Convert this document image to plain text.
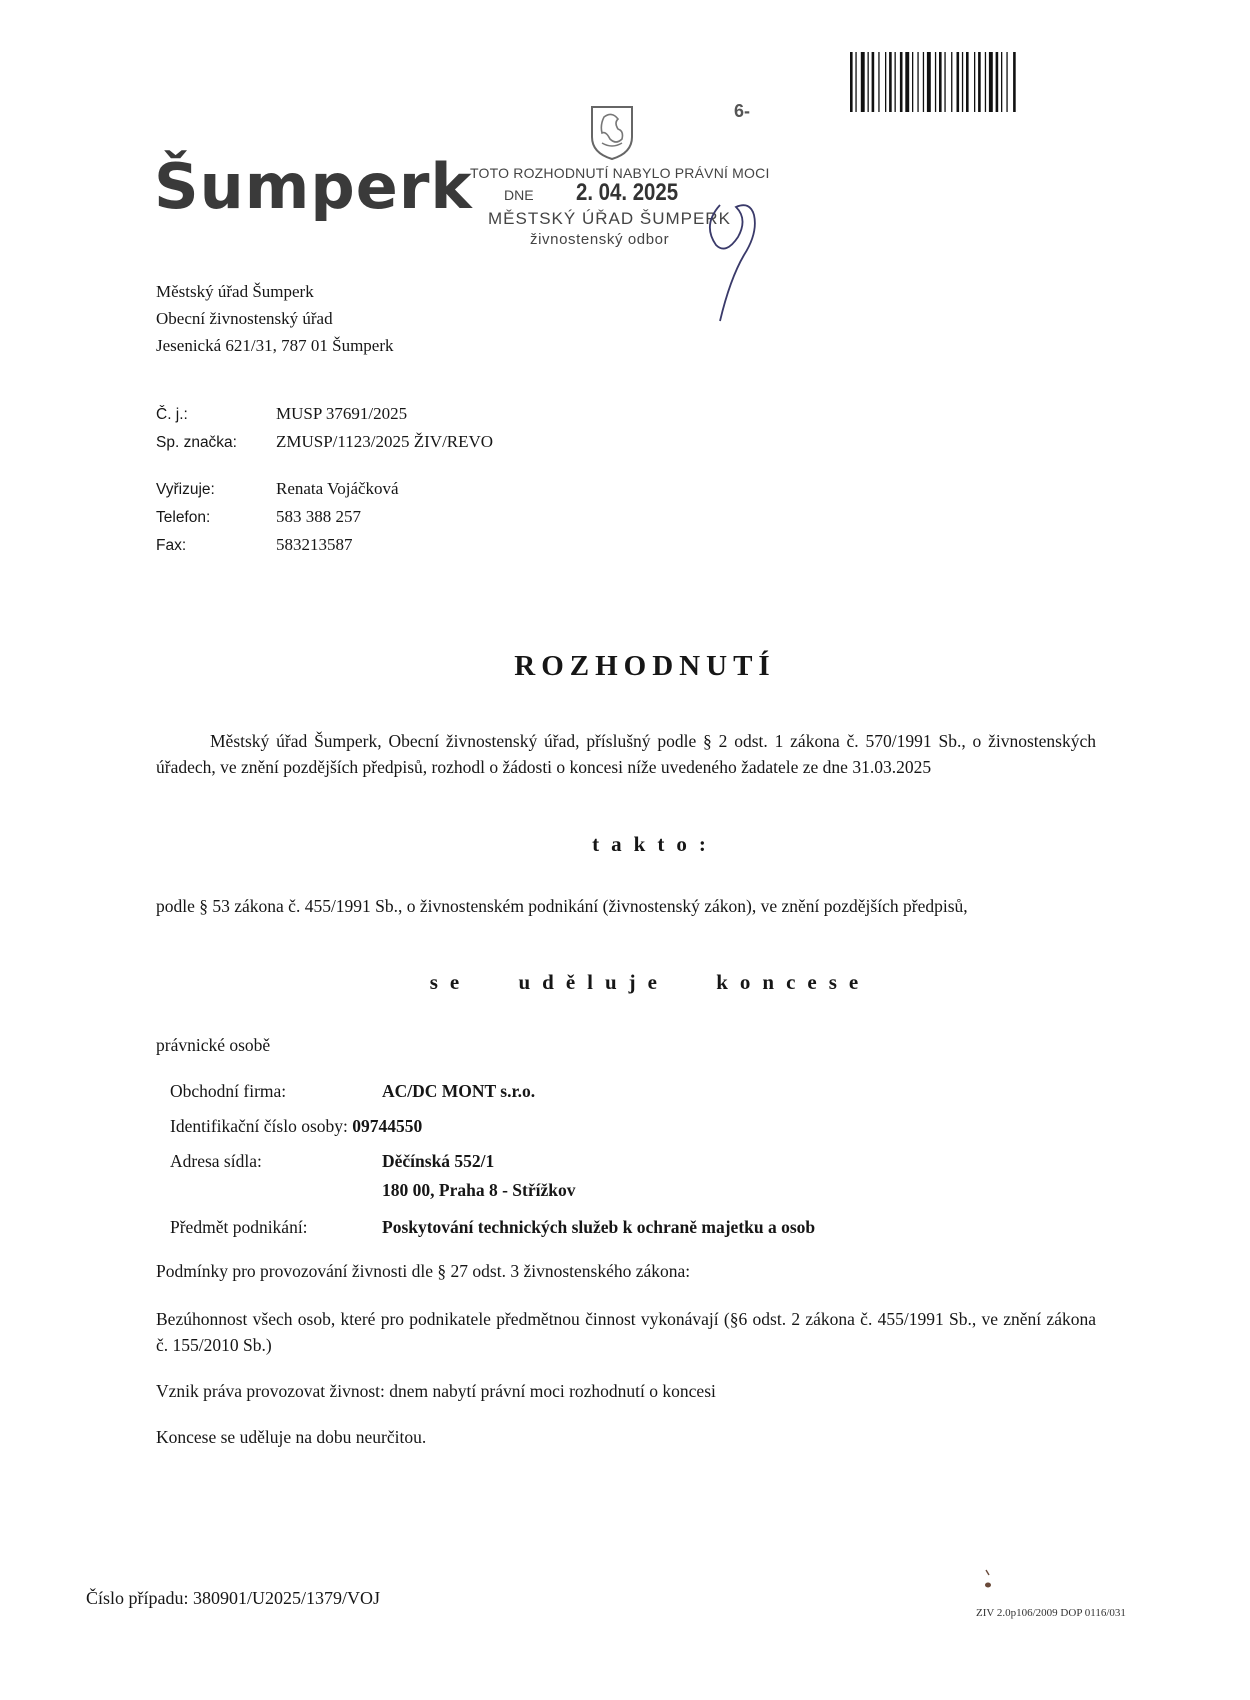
Šumperk
6-
TOTO ROZHODNUTÍ NABYLO PRÁVNÍ MOCI
DNE 2. 04. 2025
MĚSTSKÝ ÚŘAD ŠUMPERK
živnostenský odbor
Městský úřad Šumperk
Obecní živnostenský úřad
Jesenická 621/31, 787 01 Šumperk
Č. j.:	MUSP 37691/2025
Sp. značka: ZMUSP/1123/2025 ŽIV/REVO
Vyřizuje:	Renata Vojáčková
Telefon:	583 388 257
Fax:	583213587
ROZHODNUTÍ
Městský úřad Šumperk, Obecní živnostenský úřad, příslušný podle § 2 odst. 1 zákona č. 570/1991 Sb., o živnostenských úřadech, ve znění pozdějších předpisů, rozhodl o žádosti o koncesi níže uvedeného žadatele ze dne 31.03.2025
takto:
podle § 53 zákona č. 455/1991 Sb., o živnostenském podnikání (živnostenský zákon), ve znění pozdějších předpisů,
se uděluje koncese
právnické osobě
Obchodní firma:	AC/DC MONT s.r.o.
Identifikační číslo osoby: 09744550
Adresa sídla:	Děčínská 552/1
180 00, Praha 8 - Střížkov
Předmět podnikání:	Poskytování technických služeb k ochraně majetku a osob
Podmínky pro provozování živnosti dle § 27 odst. 3 živnostenského zákona:
Bezúhonnost všech osob, které pro podnikatele předmětnou činnost vykonávají (§6 odst. 2 zákona č. 455/1991 Sb., ve znění zákona č. 155/2010 Sb.)
Vznik práva provozovat živnost: dnem nabytí právní moci rozhodnutí o koncesi
Koncese se uděluje na dobu neurčitou.
Číslo případu: 380901/U2025/1379/VOJ
ZIV 2.0p106/2009 DOP 0116/031
